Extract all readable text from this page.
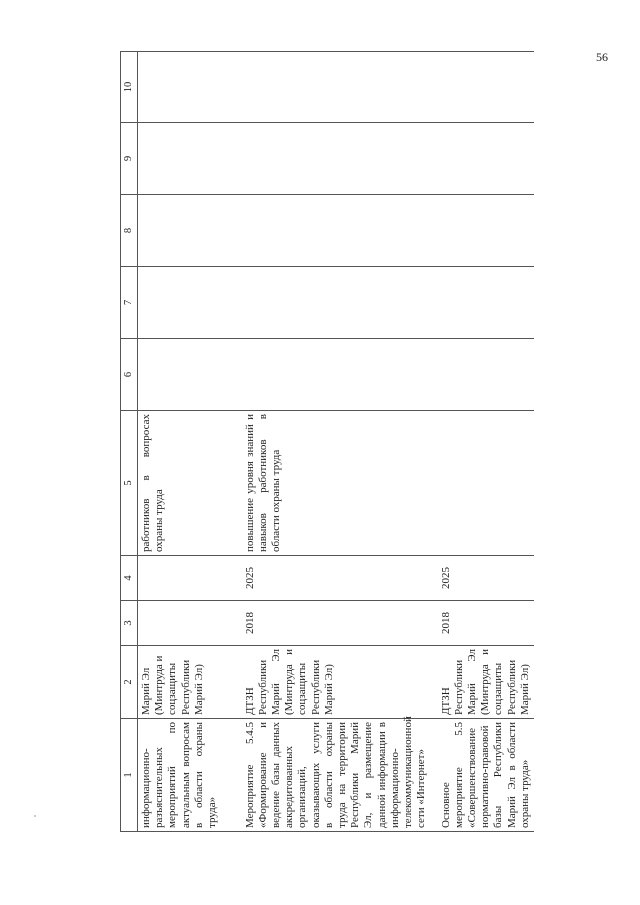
56
1	2	3	4	5	6	7	8	9	10
информационно-разъяснительных мероприятий по актуальным вопросам в области охраны труда»	Марий Эл (Минтруда и соцзащиты Республики Марий Эл)			работников в вопросах охраны труда					
Мероприятие 5.4.5 «Формирование и ведение базы данных аккредитованных организаций, оказывающих услуги в области охраны труда на территории Республики Марий Эл, и размещение данной информации в информационно-телекоммуникационной сети «Интернет»	ДТЗН Республики Марий Эл (Минтруда и соцзащиты Республики Марий Эл)	2018	2025	повышение уровня знаний и навыков работников в области охраны труда					
Основное мероприятие 5.5 «Совершенствование нормативно-правовой базы Республики Марий Эл в области охраны труда»	ДТЗН Республики Марий Эл (Минтруда и соцзащиты Республики Марий Эл)	2018	2025						
